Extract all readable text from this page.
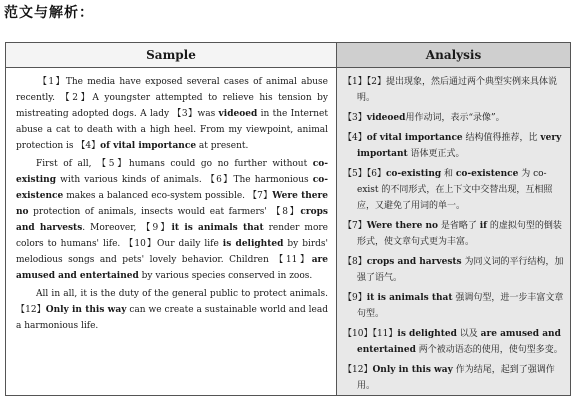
范文与解析：
Sample

【1】The media have exposed several cases of animal abuse recently. 【2】A youngster attempted to relieve his tension by mistreating adopted dogs. A lady 【3】was videoed in the Internet abuse a cat to death with a high heel. From my viewpoint, animal protection is 【4】of vital importance at present.

First of all, 【5】humans could go no further without co-existing with various kinds of animals. 【6】The harmonious co-existence makes a balanced eco-system possible. 【7】Were there no protection of animals, insects would eat farmers' 【8】crops and harvests. Moreover, 【9】it is animals that render more colors to humans' life. 【10】Our daily life is delighted by birds' melodious songs and pets' lovely behavior. Children 【11】are amused and entertained by various species conserved in zoos.

All in all, it is the duty of the general public to protect animals. 【12】Only in this way can we create a sustainable world and lead a harmonious life.

Analysis
【1】【2】提出现象，然后通过两个典型实例来具体说明。
【3】videoed用作动词，表示“录像”。
【4】of vital importance 结构值得推荐，比 very important 语体更正式。
【5】【6】co-existing 和 co-existence 为 co-exist 的不同形式，在上下文中交替出现，互相照应，又避免了用词的单一。
【7】Were there no 是省略了 if 的虚拟句型的倒装形式，使文章句式更为丰富。
【8】crops and harvests 为同义词的平行结构，加强了语气。
【9】it is animals that 强调句型，进一步丰富文章句型。
【10】【11】is delighted 以及 are amused and entertained 两个被动语态的使用，使句型多变。
【12】Only in this way 作为结尾，起到了强调作用。
